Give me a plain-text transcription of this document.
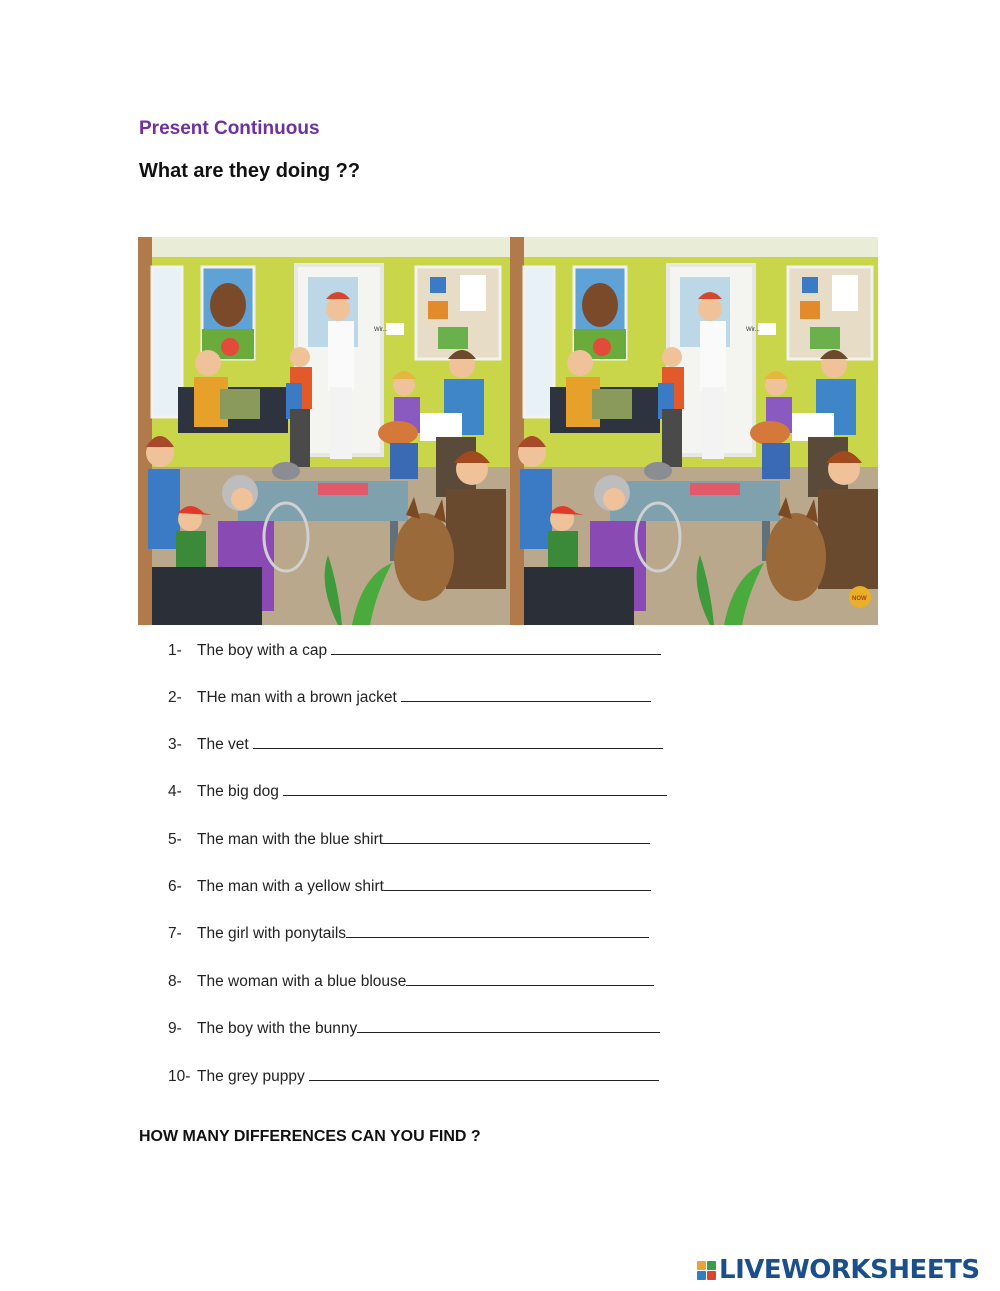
Present Continuous
What are they doing ??
Wir...	Wir...
NOW
1- The boy with a cap
2- THe man with a brown jacket
3- The vet
4- The big dog
5- The man with the blue shirt
6- The man with a yellow shirt
7- The girl with ponytails
8- The woman with a blue blouse
9- The boy with the bunny
10- The grey puppy
HOW MANY DIFFERENCES CAN YOU FIND ?
LIVEWORKSHEETS
